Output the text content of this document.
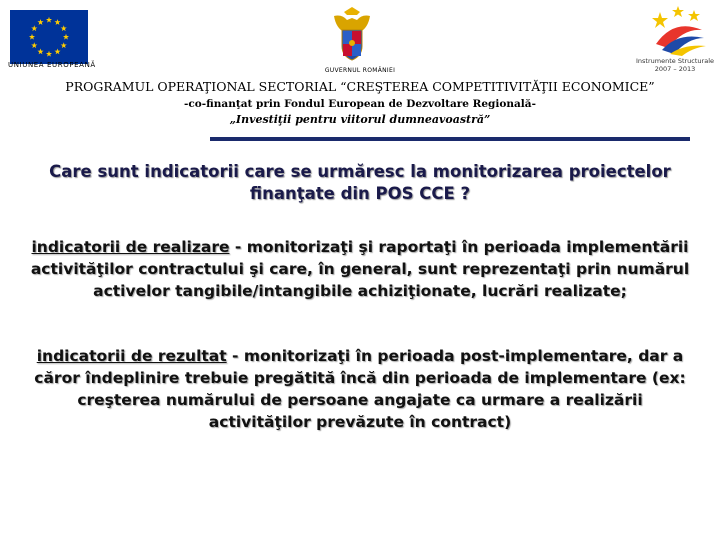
UNIUNEA EUROPEANĂ
GUVERNUL ROMÂNIEI
Instrumente Structurale
2007 – 2013
PROGRAMUL OPERAŢIONAL SECTORIAL “CREŞTEREA COMPETITIVITĂŢII ECONOMICE”
-co-finanţat prin Fondul European de Dezvoltare Regională-
„Investiţii pentru viitorul dumneavoastră”
Care sunt indicatorii care se urmăresc la monitorizarea proiectelor
finanţate din POS CCE ?
indicatorii de realizare - monitorizaţi şi raportaţi în perioada implementării
activităţilor contractului şi care, în general, sunt reprezentaţi prin numărul
activelor tangibile/intangibile achiziţionate, lucrări realizate;
indicatorii de rezultat - monitorizaţi în perioada post-implementare, dar a
căror îndeplinire trebuie pregătită încă din perioada de implementare (ex:
creşterea numărului de persoane angajate ca urmare a realizării
activităţilor prevăzute în contract)
